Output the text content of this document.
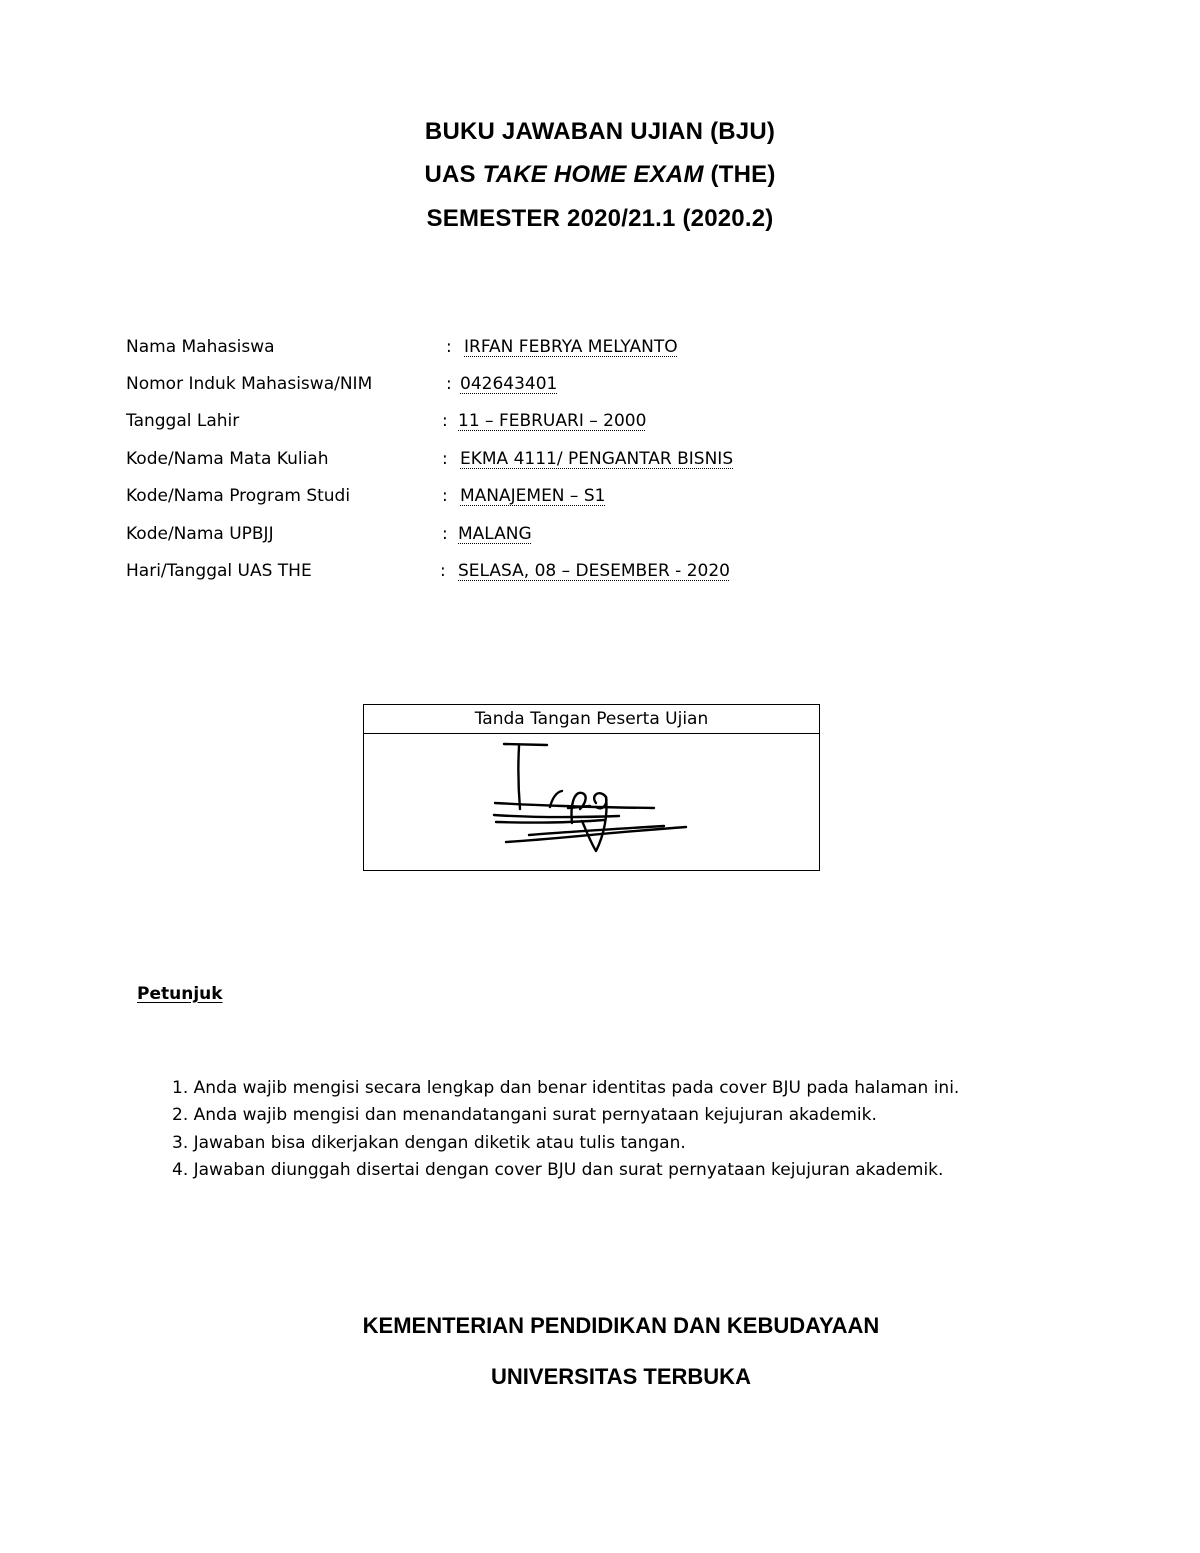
BUKU JAWABAN UJIAN (BJU)
UAS TAKE HOME EXAM (THE)
SEMESTER 2020/21.1 (2020.2)
Nama Mahasiswa	: IRFAN FEBRYA MELYANTO
Nomor Induk Mahasiswa/NIM	: 042643401
Tanggal Lahir	: 11 – FEBRUARI – 2000
Kode/Nama Mata Kuliah	: EKMA 4111/ PENGANTAR BISNIS
Kode/Nama Program Studi	: MANAJEMEN – S1
Kode/Nama UPBJJ	: MALANG
Hari/Tanggal UAS THE	: SELASA, 08 – DESEMBER - 2020
Tanda Tangan Peserta Ujian
Petunjuk
1. Anda wajib mengisi secara lengkap dan benar identitas pada cover BJU pada halaman ini.
2. Anda wajib mengisi dan menandatangani surat pernyataan kejujuran akademik.
3. Jawaban bisa dikerjakan dengan diketik atau tulis tangan.
4. Jawaban diunggah disertai dengan cover BJU dan surat pernyataan kejujuran akademik.
KEMENTERIAN PENDIDIKAN DAN KEBUDAYAAN
UNIVERSITAS TERBUKA
